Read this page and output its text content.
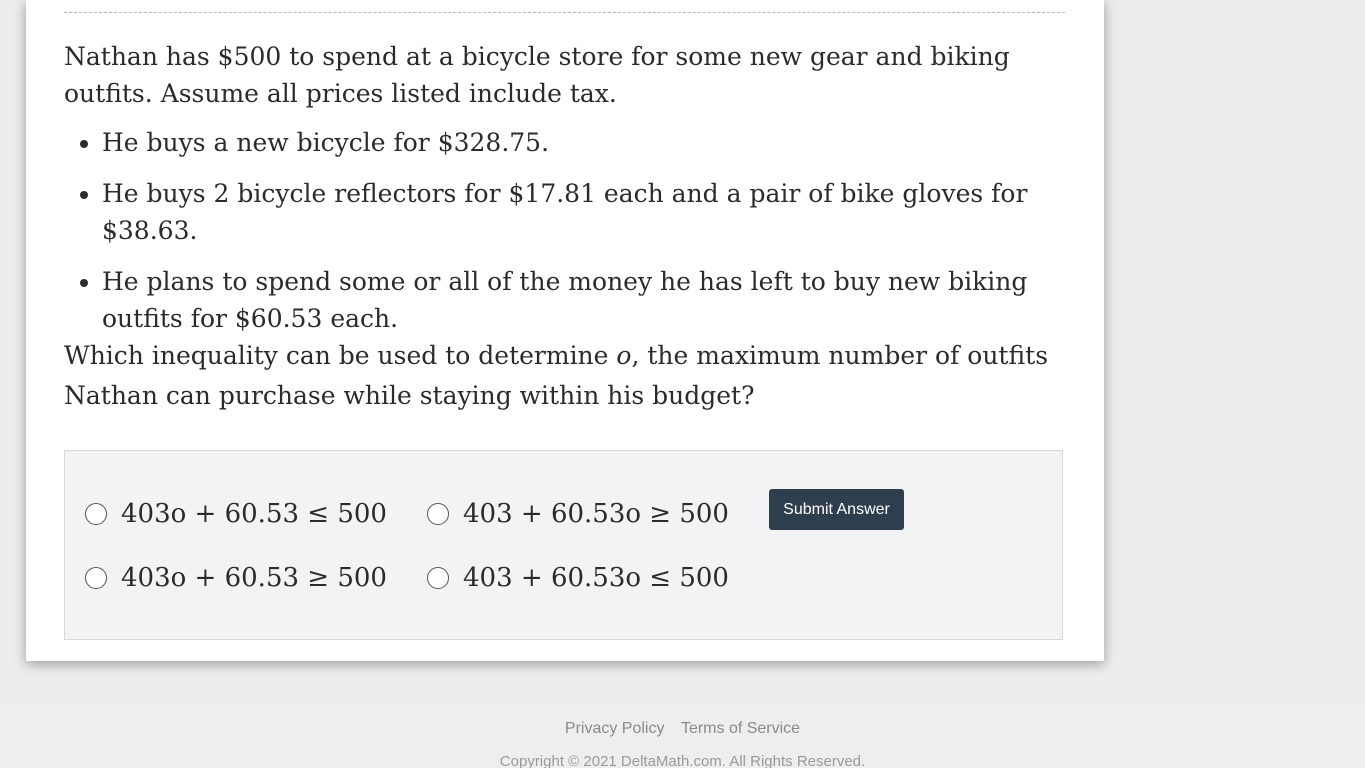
Nathan has $500 to spend at a bicycle store for some new gear and biking outfits. Assume all prices listed include tax.

• He buys a new bicycle for $328.75.
• He buys 2 bicycle reflectors for $17.81 each and a pair of bike gloves for $38.63.
• He plans to spend some or all of the money he has left to buy new biking outfits for $60.53 each.

Which inequality can be used to determine o, the maximum number of outfits Nathan can purchase while staying within his budget?

403o + 60.53 ≤ 500	403 + 60.53o ≥ 500
403o + 60.53 ≥ 500	403 + 60.53o ≤ 500
Submit Answer
Privacy Policy Terms of Service
Copyright © 2021 DeltaMath.com. All Rights Reserved.
